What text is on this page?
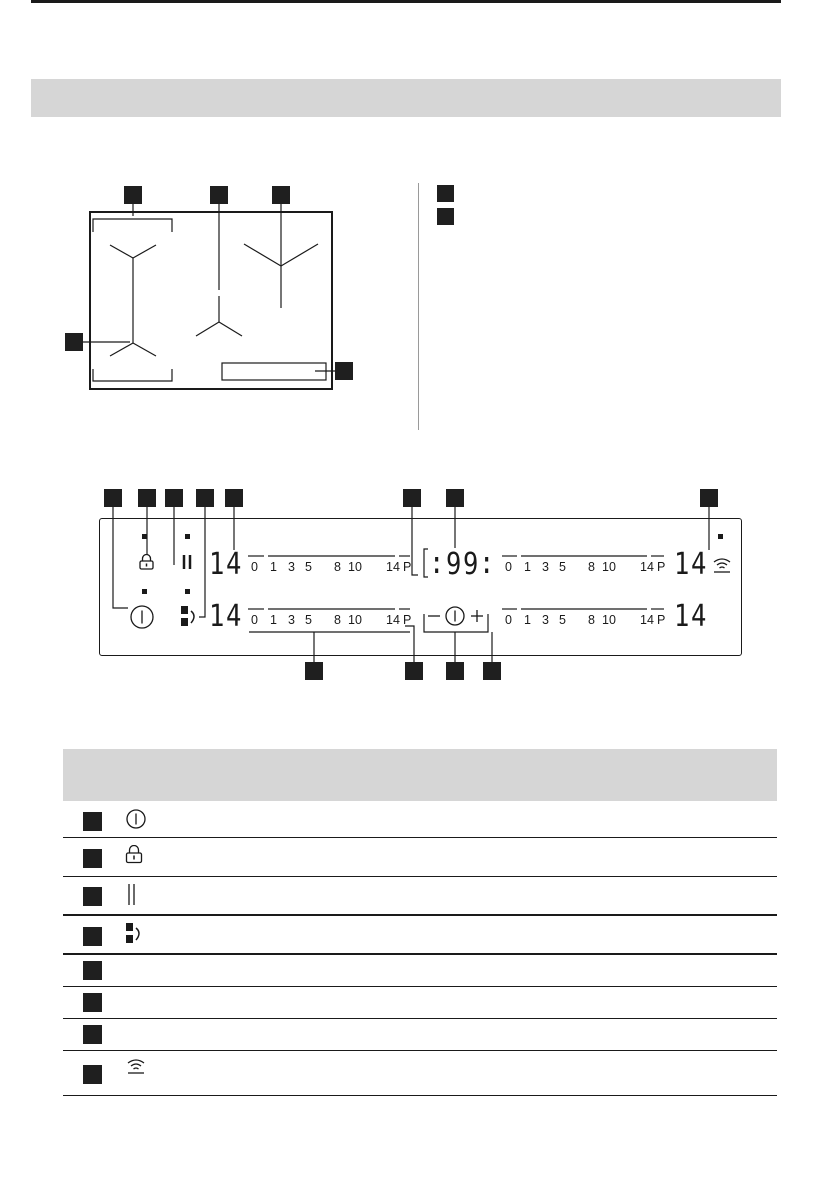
14
14
14
14
: 99
:
0 1 3 5 8 10 14 P	0 1 3 5 8 10 14 P
0 1 3 5 8 10 14 P	0 1 3 5 8 10 14 P
